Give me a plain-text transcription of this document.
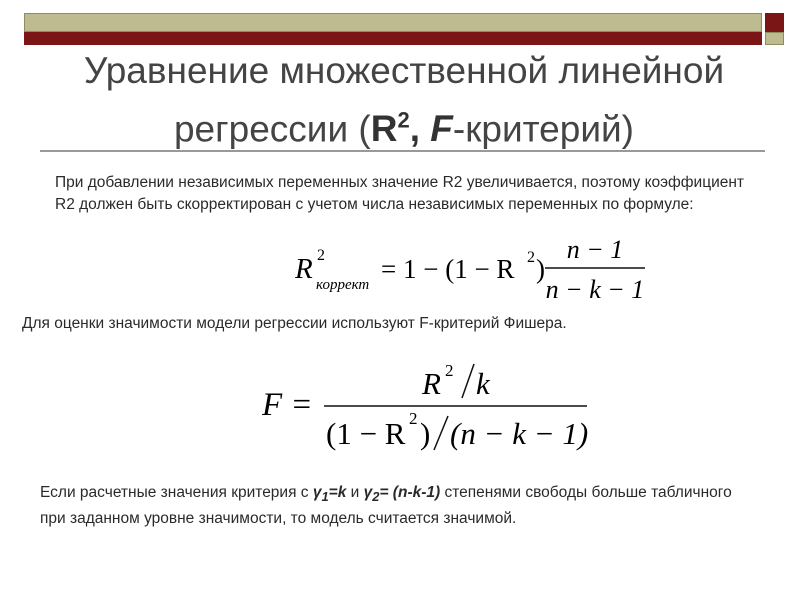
Уравнение множественной линейной
регрессии ($R^2$, F-критерий)
При добавлении независимых переменных значение R2 увеличивается, поэтому коэффициент R2 должен быть скорректирован с учетом числа независимых переменных по формуле:
R 2
коррект
= 1 − (1 − R 2 )
n − 1
n − k − 1
Для оценки значимости модели регрессии используют F-критерий Фишера.
F =
R 2 k
(1 − R 2 ) (n − k − 1)
Если расчетные значения критерия с $\gamma_1=k$ и $\gamma_2= (n-k-1)$ степенями свободы больше табличного при заданном уровне значимости, то модель считается значимой.
